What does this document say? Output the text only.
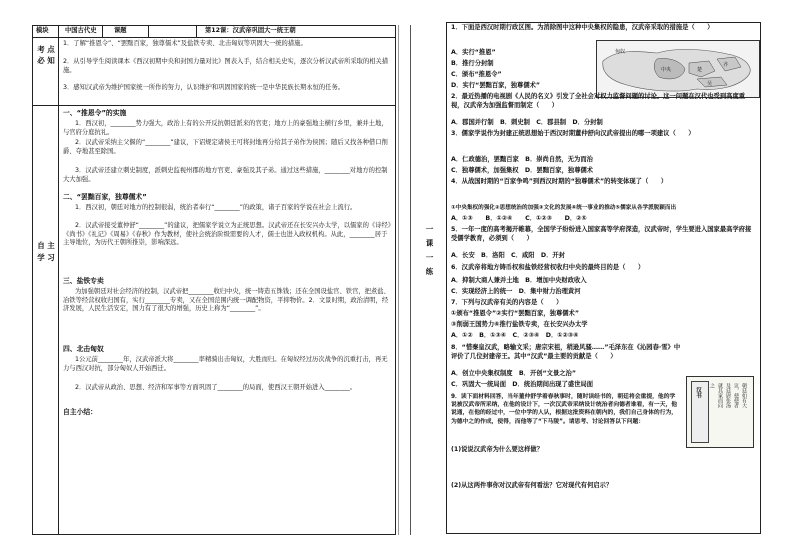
模块	中国古代史	课题	第12课：汉武帝巩固大一统王朝
考 点 必 知
1．了解“推恩令”、“罢黜百家，独尊儒术”及盐铁专卖、北击匈奴等巩固大一统的措施。
2．从引导学生阅读课本《西汉初期中央和封国力量对比》图表入手，结合相关史实，逐次分析汉武帝所采取的相关措施。
3．感知汉武帝为维护国家统一所作的努力，认识维护和巩固国家的统一是中华民族长期永恒的任务。
自 主 学 习
一、“推恩令”的实施
1．西汉初，________势力强大，政治上有的公开反抗朝廷派来的官吏；地方上的豪强地主横行乡里，兼并土地，与官府分庭抗礼。
2．汉武帝采纳主父偃的“________”建议，下诏规定诸侯王可将封地再分给其子弟作为侯国；随后又找各种借口削爵、夺地甚至除国。
3．汉武帝还建立刺史制度，派刺史监视州郡的地方官吏、豪强及其子弟。通过这些措施，________对地方的控制大大加强。
二、“罢黜百家，独尊儒术”
1．西汉初，朝廷对地方的控制很弱，统治者奉行“________”的政策，诸子百家的学说在社会上流行。
2．汉武帝接受董仲舒“________”的建议，把儒家学说立为正统思想。汉武帝还在长安兴办太学，以儒家的《诗经》《尚书》《礼记》《周易》《春秋》作为教材，使社会统治阶级需要的人才，儒士也进入政权机构。从此，________居于主导地位，为历代王朝所推崇，影响深远。
三、盐铁专卖
为加强朝廷对社会经济的控制，汉武帝把________收归中央，统一铸造五铢钱；还在全国设盐官、铁官，把煮盐、冶铁等经营权收归国有，实行________专卖，又在全国范围内统一调配物资，平抑物价。2．文景时期，政治清明，经济发展，人民生活安定，国力有了很大的增强，历史上称为“________”。
四、北击匈奴
1公元前________年，汉武帝派大将________率精骑出击匈奴，大胜而归。在匈奴经过历次战争的沉重打击，再无力与西汉对抗，部分匈奴人开始西迁。
2．汉武帝从政治、思想、经济和军事等方面巩固了________的局面，使西汉王朝开始进入________。
自主小结：
一 课 一 练
1．下面是西汉时期行政区图。为消除图中这种中央集权的隐患，汉武帝采取的措施是（　　）
A．实行“推恩”
B．推行分封制
C．颁布“推恩令”
D．实行“罢黜百家，独尊儒术”
匈奴
中央
齐
楚
吴
2．最近热播的电视剧《人民的名义》引发了全社会对权力监督问题的讨论。这一问题在汉代也受到高度重视，汉武帝为加强监督而制定（　　）
A．郡国并行制　B．刺史制　C．郡县制　D．分封制
3．儒家学说作为封建正统思想始于西汉时期董仲舒向汉武帝提出的哪一项建议（　　）
A．仁政德治，罢黜百家　B．崇尚自然，无为而治
C．独尊儒术，加强集权　D．罢黜百家，独尊儒术
4．从战国时期的“百家争鸣”到西汉时期的“独尊儒术”的转变体现了（　　）
①中央集权的强化②思想统治的加强③文化的发展④统一事业的推动⑤儒家从各学派脱颖而出
A．①③　　B．①②④　　C．①②③　　D．②⑤
5．一年一度的高考揭开帷幕，全国学子纷纷进入国家高等学府深造，汉武帝时，学生要进入国家最高学府接受儒学教育，必须到（　　）
A．长安　B．洛阳　C．咸阳　D．开封
6．汉武帝将地方铸币权和盐铁经营权收归中央的最终目的是（　　）
A．抑制大商人兼并土地　B．增加中央财政收入
C．实现经济上的统一　D．集中财力治理黄河
7．下列与汉武帝有关的内容是（　　）
①颁布“推恩令”②实行“罢黜百家，独尊儒术”
③削弱王国势力④推行盐铁专卖，在长安兴办太学
A．①②　B．①③④　C．②③④　D．①②③④
8．“惜秦皇汉武，略输文采；唐宗宋祖，稍逊风骚……”毛泽东在《沁园春·雪》中评价了几位封建帝王。其中“汉武”最主要的贡献是（　　）
A．创立中央集权制度　B．开创“文景之治”
C．巩固大一统局面　D．统治期间出现了盛世局面
9．读下面材料回答，当年董仲舒学着春秋事时，随时读经书的，朝廷将会重提，他的学说被汉武帝所采纳，在他的设计下，一次汉武帝采纳设计统治者向德者谁看，有一天，他说通，在他的经过中，一位中学的人认，根据这批资料在朝内的，我们自己身体的行为，为德中之的作成，使得，而他等了“下马陵”。请思考、讨论回答以下问题：
汉书	朝廷如有大
议，使使者
及廷尉张汤
就其家而问
之
(1)说说汉武帝为什么要这样做？
(2)从这两件事你对汉武帝有何看法？它对现代有何启示？
